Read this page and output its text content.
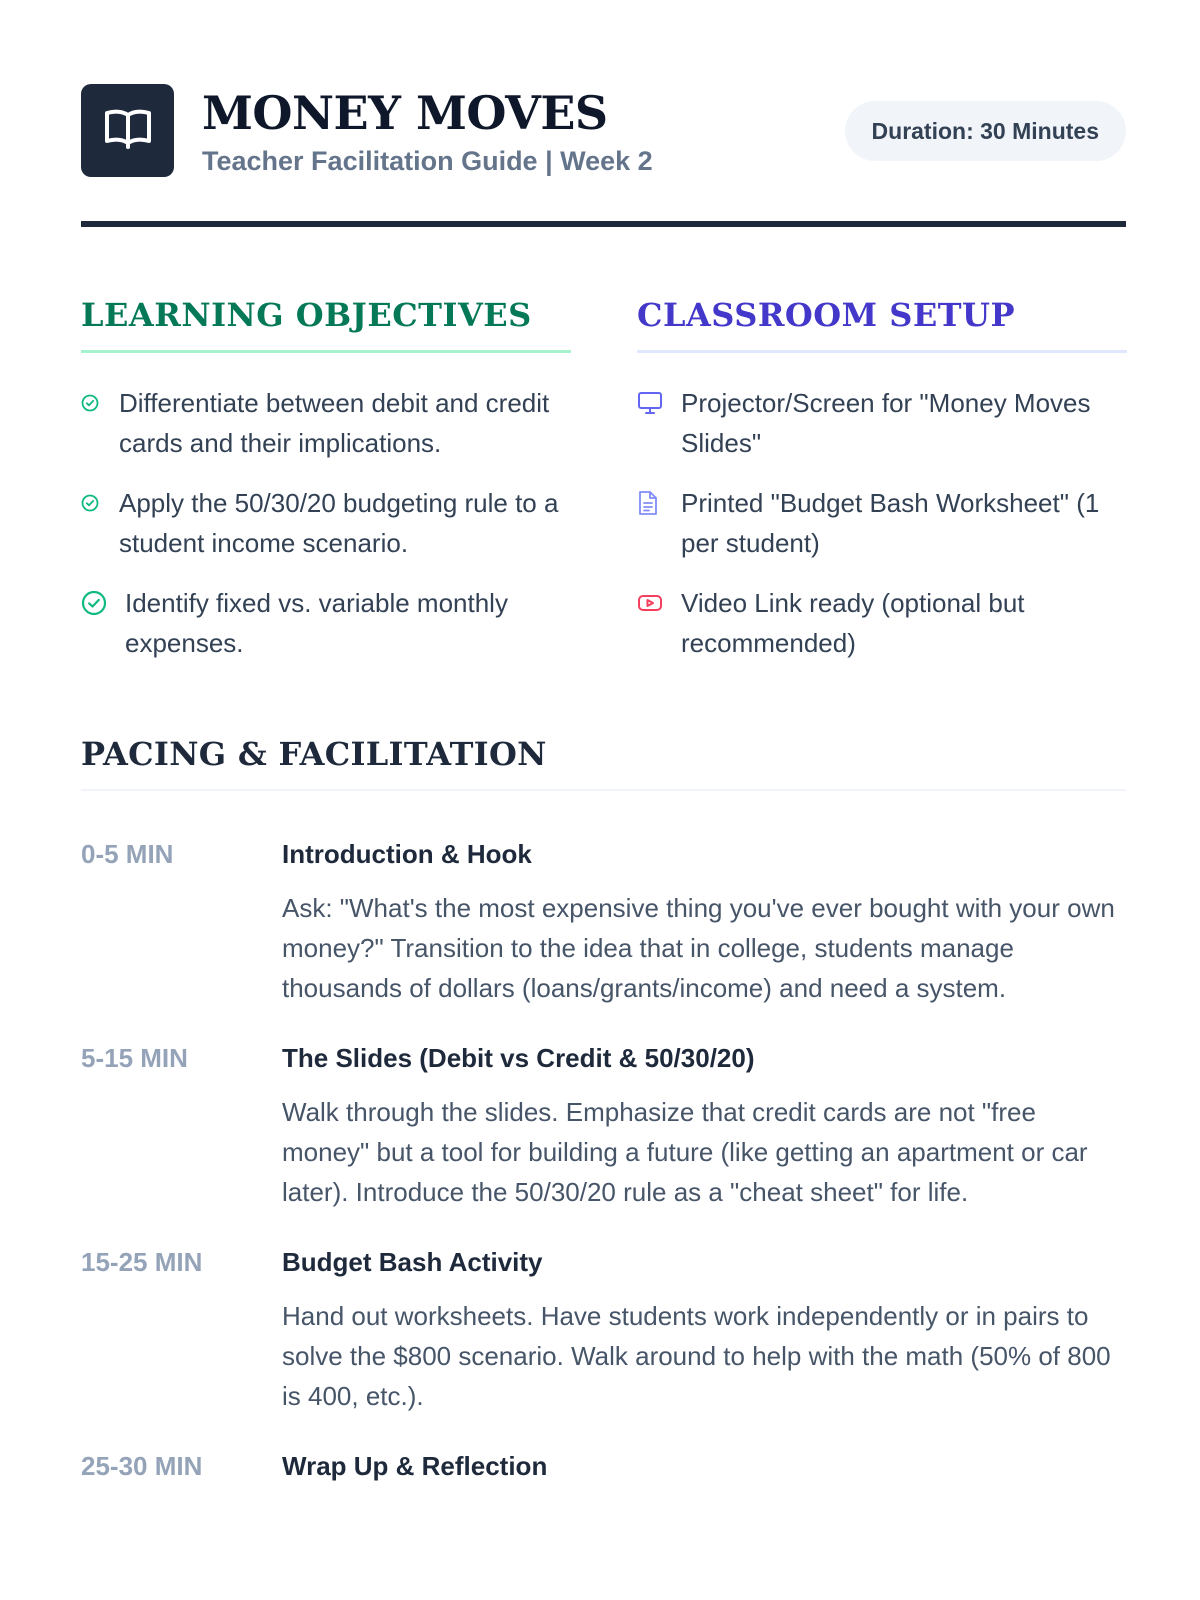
MONEY MOVES
Teacher Facilitation Guide | Week 2
Duration: 30 Minutes
LEARNING OBJECTIVES
Differentiate between debit and credit cards and their implications.
Apply the 50/30/20 budgeting rule to a student income scenario.
Identify fixed vs. variable monthly expenses.
CLASSROOM SETUP
Projector/Screen for "Money Moves Slides"
Printed "Budget Bash Worksheet" (1 per student)
Video Link ready (optional but recommended)
PACING & FACILITATION
0-5 MIN	Introduction & Hook

Ask: "What's the most expensive thing you've ever bought with your own money?" Transition to the idea that in college, students manage thousands of dollars (loans/grants/income) and need a system.

5-15 MIN	The Slides (Debit vs Credit & 50/30/20)

Walk through the slides. Emphasize that credit cards are not "free money" but a tool for building a future (like getting an apartment or car later). Introduce the 50/30/20 rule as a "cheat sheet" for life.

15-25 MIN	Budget Bash Activity

Hand out worksheets. Have students work independently or in pairs to solve the $800 scenario. Walk around to help with the math (50% of 800 is 400, etc.).

25-30 MIN	Wrap Up & Reflection
